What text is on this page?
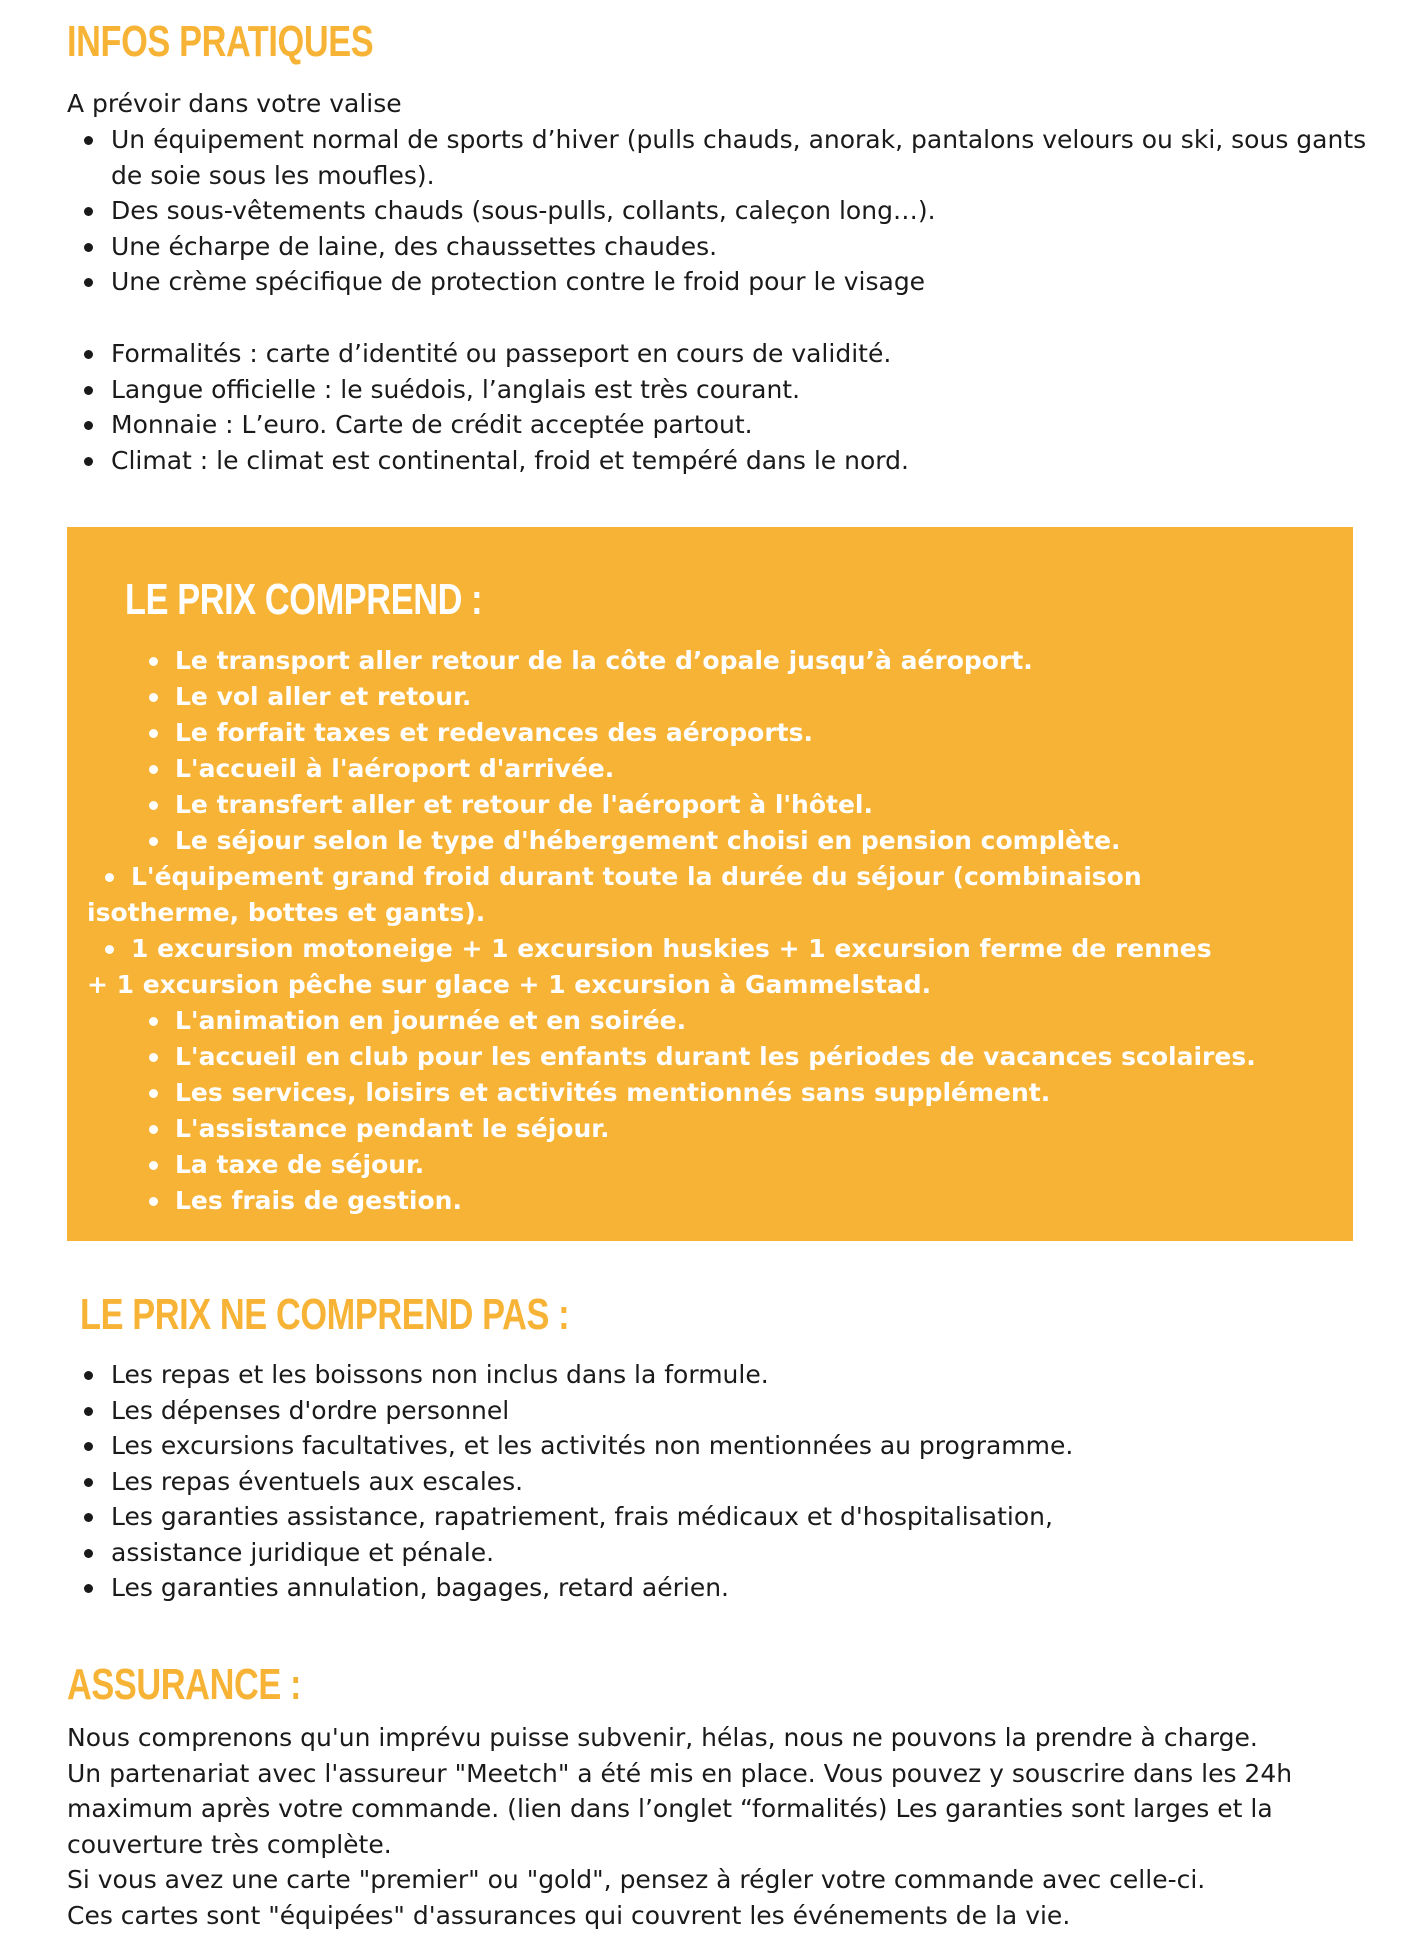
INFOS PRATIQUES
A prévoir dans votre valise
Un équipement normal de sports d’hiver (pulls chauds, anorak, pantalons velours ou ski, sous gants de soie sous les moufles).
Des sous-vêtements chauds (sous-pulls, collants, caleçon long…).
Une écharpe de laine, des chaussettes chaudes.
Une crème spécifique de protection contre le froid pour le visage
Formalités : carte d’identité ou passeport en cours de validité.
Langue officielle : le suédois, l’anglais est très courant.
Monnaie : L’euro. Carte de crédit acceptée partout.
Climat : le climat est continental, froid et tempéré dans le nord.
LE PRIX COMPREND :
Le transport aller retour de la côte d’opale jusqu’à aéroport.
Le vol aller et retour.
Le forfait taxes et redevances des aéroports.
L'accueil à l'aéroport d'arrivée.
Le transfert aller et retour de l'aéroport à l'hôtel.
Le séjour selon le type d'hébergement choisi en pension complète.
L'équipement grand froid durant toute la durée du séjour (combinaison isotherme, bottes et gants).
1 excursion motoneige + 1 excursion huskies + 1 excursion ferme de rennes + 1 excursion pêche sur glace + 1 excursion à Gammelstad.
L'animation en journée et en soirée.
L'accueil en club pour les enfants durant les périodes de vacances scolaires.
Les services, loisirs et activités mentionnés sans supplément.
L'assistance pendant le séjour.
La taxe de séjour.
Les frais de gestion.
LE PRIX NE COMPREND PAS :
Les repas et les boissons non inclus dans la formule.
Les dépenses d'ordre personnel
Les excursions facultatives, et les activités non mentionnées au programme.
Les repas éventuels aux escales.
Les garanties assistance, rapatriement, frais médicaux et d'hospitalisation,
assistance juridique et pénale.
Les garanties annulation, bagages, retard aérien.
ASSURANCE :
Nous comprenons qu'un imprévu puisse subvenir, hélas, nous ne pouvons la prendre à charge.
Un partenariat avec l'assureur "Meetch" a été mis en place. Vous pouvez y souscrire dans les 24h maximum après votre commande. (lien dans l’onglet “formalités) Les garanties sont larges et la couverture très complète.
Si vous avez une carte "premier" ou "gold", pensez à régler votre commande avec celle-ci.
Ces cartes sont "équipées" d'assurances qui couvrent les événements de la vie.
